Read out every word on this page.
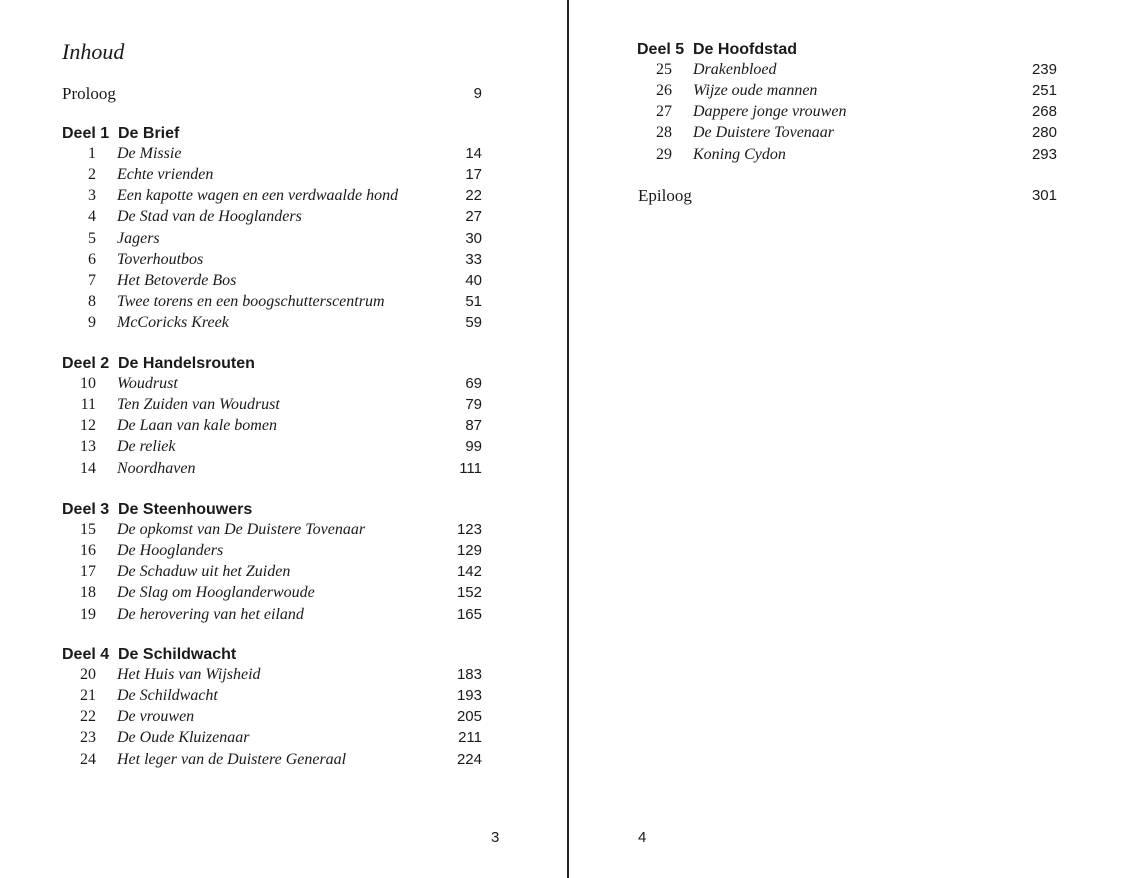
Inhoud
Proloog	9
Deel 1 De Brief
1 De Missie	14
2 Echte vrienden	17
3 Een kapotte wagen en een verdwaalde hond	22
4 De Stad van de Hooglanders	27
5 Jagers	30
6 Toverhoutbos	33
7 Het Betoverde Bos	40
8 Twee torens en een boogschutterscentrum	51
9 McCoricks Kreek	59
Deel 2 De Handelsrouten
10 Woudrust	69
11 Ten Zuiden van Woudrust	79
12 De Laan van kale bomen	87
13 De reliek	99
14 Noordhaven	111
Deel 3 De Steenhouwers
15 De opkomst van De Duistere Tovenaar	123
16 De Hooglanders	129
17 De Schaduw uit het Zuiden	142
18 De Slag om Hooglanderwoude	152
19 De herovering van het eiland	165
Deel 4 De Schildwacht
20 Het Huis van Wijsheid	183
21 De Schildwacht	193
22 De vrouwen	205
23 De Oude Kluizenaar	211
24 Het leger van de Duistere Generaal	224
3
Deel 5 De Hoofdstad
25 Drakenbloed	239
26 Wijze oude mannen	251
27 Dappere jonge vrouwen	268
28 De Duistere Tovenaar	280
29 Koning Cydon	293
Epiloog	301
4
